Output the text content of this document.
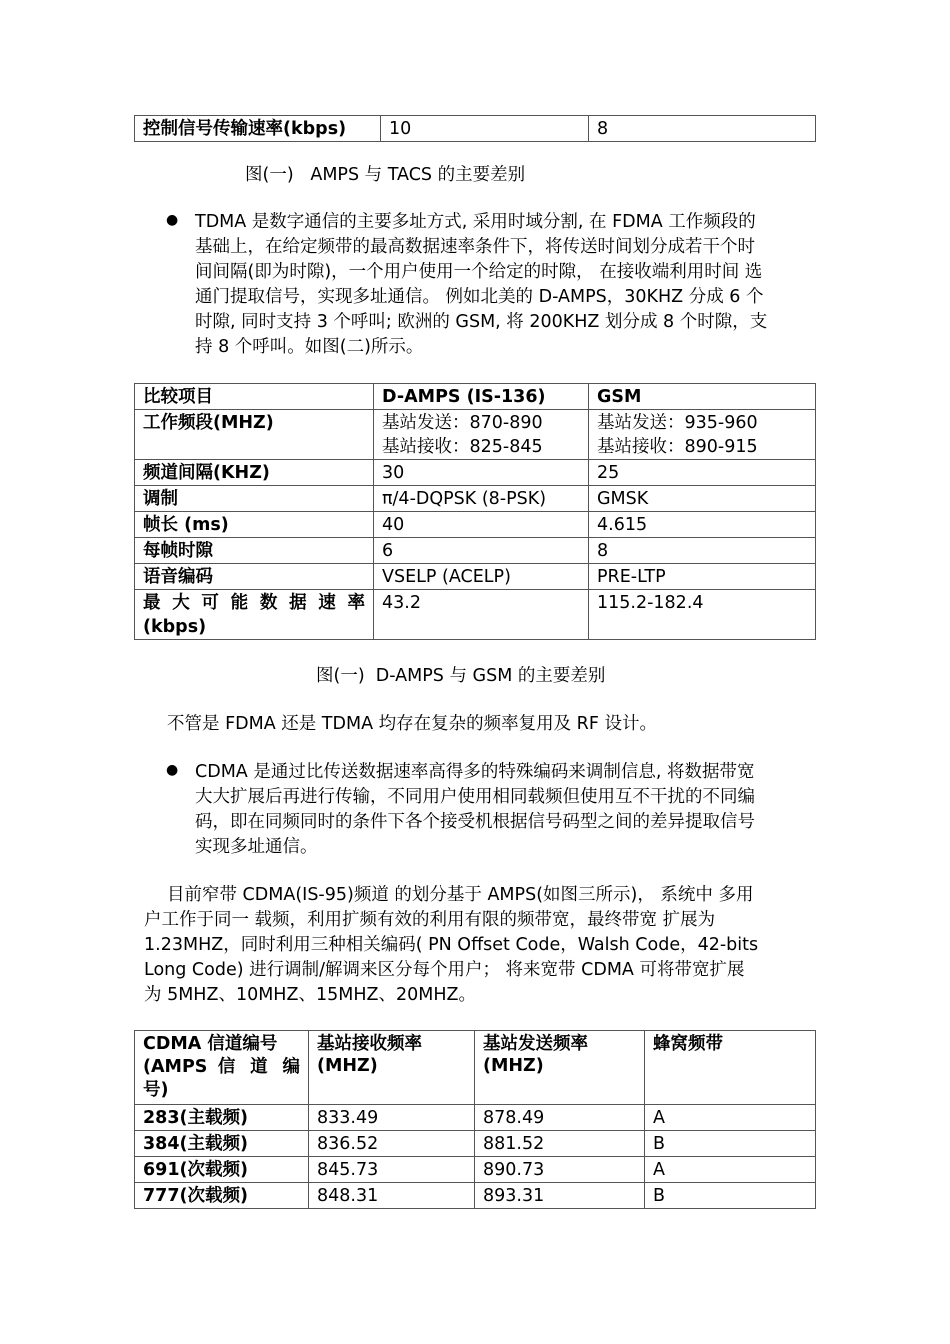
控制信号传输速率(kbps)	10	8
图(一)   AMPS 与 TACS 的主要差别
● TDMA 是数字通信的主要多址方式, 采用时域分割, 在 FDMA 工作频段的
基础上，在给定频带的最高数据速率条件下，将传送时间划分成若干个时
间间隔(即为时隙)，一个用户使用一个给定的时隙， 在接收端利用时间 选
通门提取信号，实现多址通信。 例如北美的 D-AMPS，30KHZ 分成 6 个
时隙, 同时支持 3 个呼叫; 欧洲的 GSM, 将 200KHZ 划分成 8 个时隙，支
持 8 个呼叫。如图(二)所示。
比较项目	D-AMPS (IS-136)	GSM
工作频段(MHZ)	基站发送：870-890
基站接收：825-845	基站发送：935-960
基站接收：890-915

频道间隔(KHZ)	30	25
调制	π/4-DQPSK (8-PSK)	GMSK
帧长 (ms)	40	4.615
每帧时隙	6	8
语音编码	VSELP (ACELP)	PRE-LTP

最 大 可 能 数 据 速 率
(kbps)	43.2	115.2-182.4
图(一)  D-AMPS 与 GSM 的主要差别
不管是 FDMA 还是 TDMA 均存在复杂的频率复用及 RF 设计。
● CDMA 是通过比传送数据速率高得多的特殊编码来调制信息, 将数据带宽
大大扩展后再进行传输，不同用户使用相同载频但使用互不干扰的不同编
码，即在同频同时的条件下各个接受机根据信号码型之间的差异提取信号
实现多址通信。
目前窄带 CDMA(IS-95)频道 的划分基于 AMPS(如图三所示)， 系统中 多用
户工作于同一 载频，利用扩频有效的利用有限的频带宽，最终带宽 扩展为
1.23MHZ，同时利用三种相关编码( PN Offset Code，Walsh Code，42-bits
Long Code) 进行调制/解调来区分每个用户； 将来宽带 CDMA 可将带宽扩展
为 5MHZ、10MHZ、15MHZ、20MHZ。
CDMA 信道编号
(AMPS 信 道 编
号)	基站接收频率
(MHZ)	基站发送频率
(MHZ)	蜂窝频带

283(主载频)	833.49	878.49	A
384(主载频)	836.52	881.52	B
691(次载频)	845.73	890.73	A
777(次载频)	848.31	893.31	B
